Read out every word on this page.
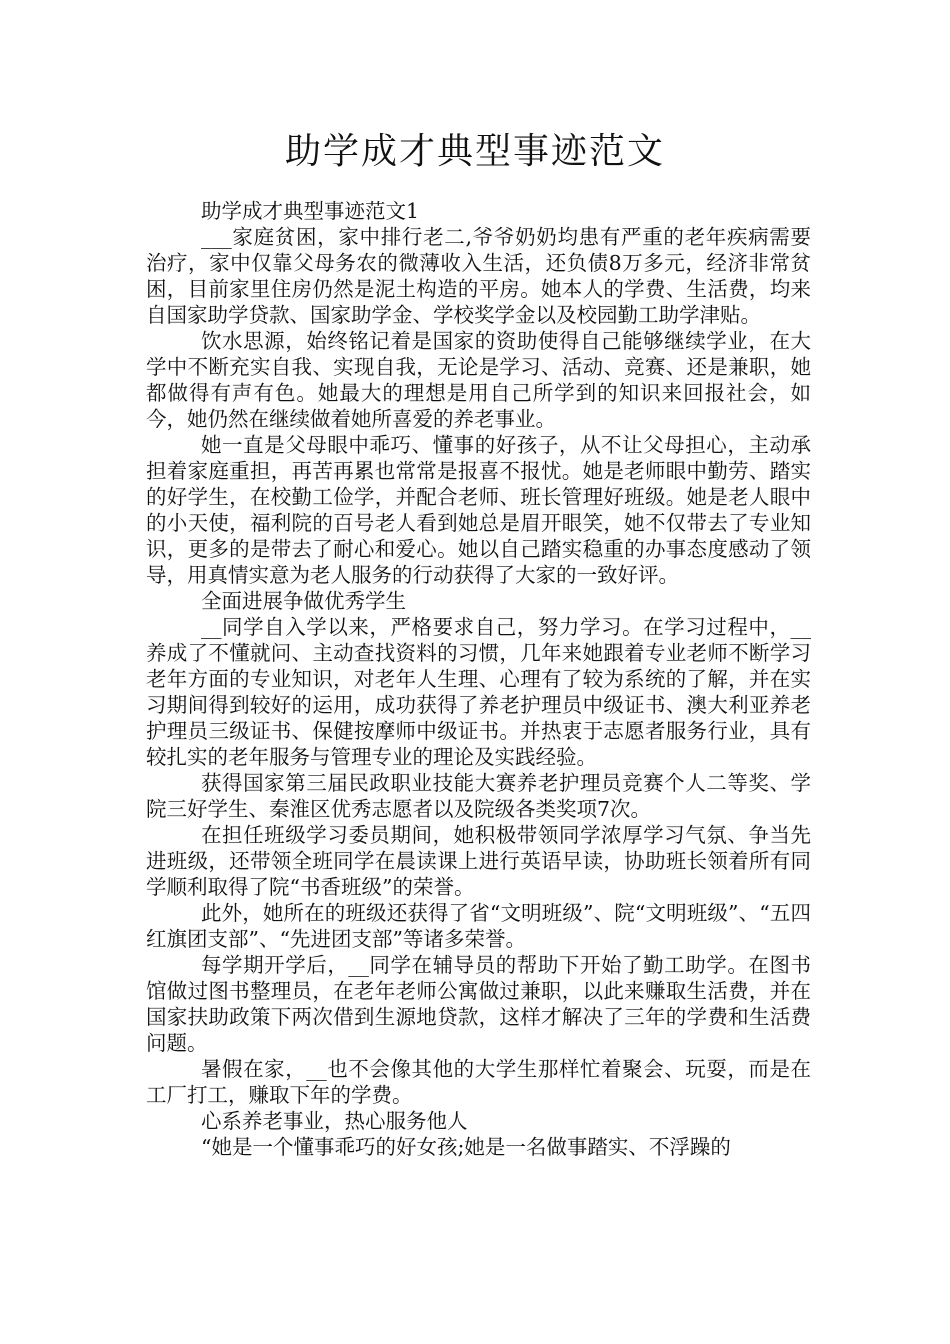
助学成才典型事迹范文

助学成才典型事迹范文1

___家庭贫困，家中排行老二,爷爷奶奶均患有严重的老年疾病需要治疗，家中仅靠父母务农的微薄收入生活，还负债8万多元，经济非常贫困，目前家里住房仍然是泥土构造的平房。她本人的学费、生活费，均来自国家助学贷款、国家助学金、学校奖学金以及校园勤工助学津贴。

饮水思源，始终铭记着是国家的资助使得自己能够继续学业，在大学中不断充实自我、实现自我，无论是学习、活动、竞赛、还是兼职，她都做得有声有色。她最大的理想是用自己所学到的知识来回报社会，如今，她仍然在继续做着她所喜爱的养老事业。

她一直是父母眼中乖巧、懂事的好孩子，从不让父母担心，主动承担着家庭重担，再苦再累也常常是报喜不报忧。她是老师眼中勤劳、踏实的好学生，在校勤工俭学，并配合老师、班长管理好班级。她是老人眼中的小天使，福利院的百号老人看到她总是眉开眼笑，她不仅带去了专业知识，更多的是带去了耐心和爱心。她以自己踏实稳重的办事态度感动了领导，用真情实意为老人服务的行动获得了大家的一致好评。

全面进展争做优秀学生

__同学自入学以来，严格要求自己，努力学习。在学习过程中，__养成了不懂就问、主动查找资料的习惯，几年来她跟着专业老师不断学习老年方面的专业知识，对老年人生理、心理有了较为系统的了解，并在实习期间得到较好的运用，成功获得了养老护理员中级证书、澳大利亚养老护理员三级证书、保健按摩师中级证书。并热衷于志愿者服务行业，具有较扎实的老年服务与管理专业的理论及实践经验。

获得国家第三届民政职业技能大赛养老护理员竞赛个人二等奖、学院三好学生、秦淮区优秀志愿者以及院级各类奖项7次。

在担任班级学习委员期间，她积极带领同学浓厚学习气氛、争当先进班级，还带领全班同学在晨读课上进行英语早读，协助班长领着所有同学顺利取得了院“书香班级”的荣誉。

此外，她所在的班级还获得了省“文明班级”、院“文明班级”、“五四红旗团支部”、“先进团支部”等诸多荣誉。

每学期开学后，__同学在辅导员的帮助下开始了勤工助学。在图书馆做过图书整理员，在老年老师公寓做过兼职，以此来赚取生活费，并在国家扶助政策下两次借到生源地贷款，这样才解决了三年的学费和生活费问题。

暑假在家，__也不会像其他的大学生那样忙着聚会、玩耍，而是在工厂打工，赚取下年的学费。

心系养老事业，热心服务他人

“她是一个懂事乖巧的好女孩;她是一名做事踏实、不浮躁的
